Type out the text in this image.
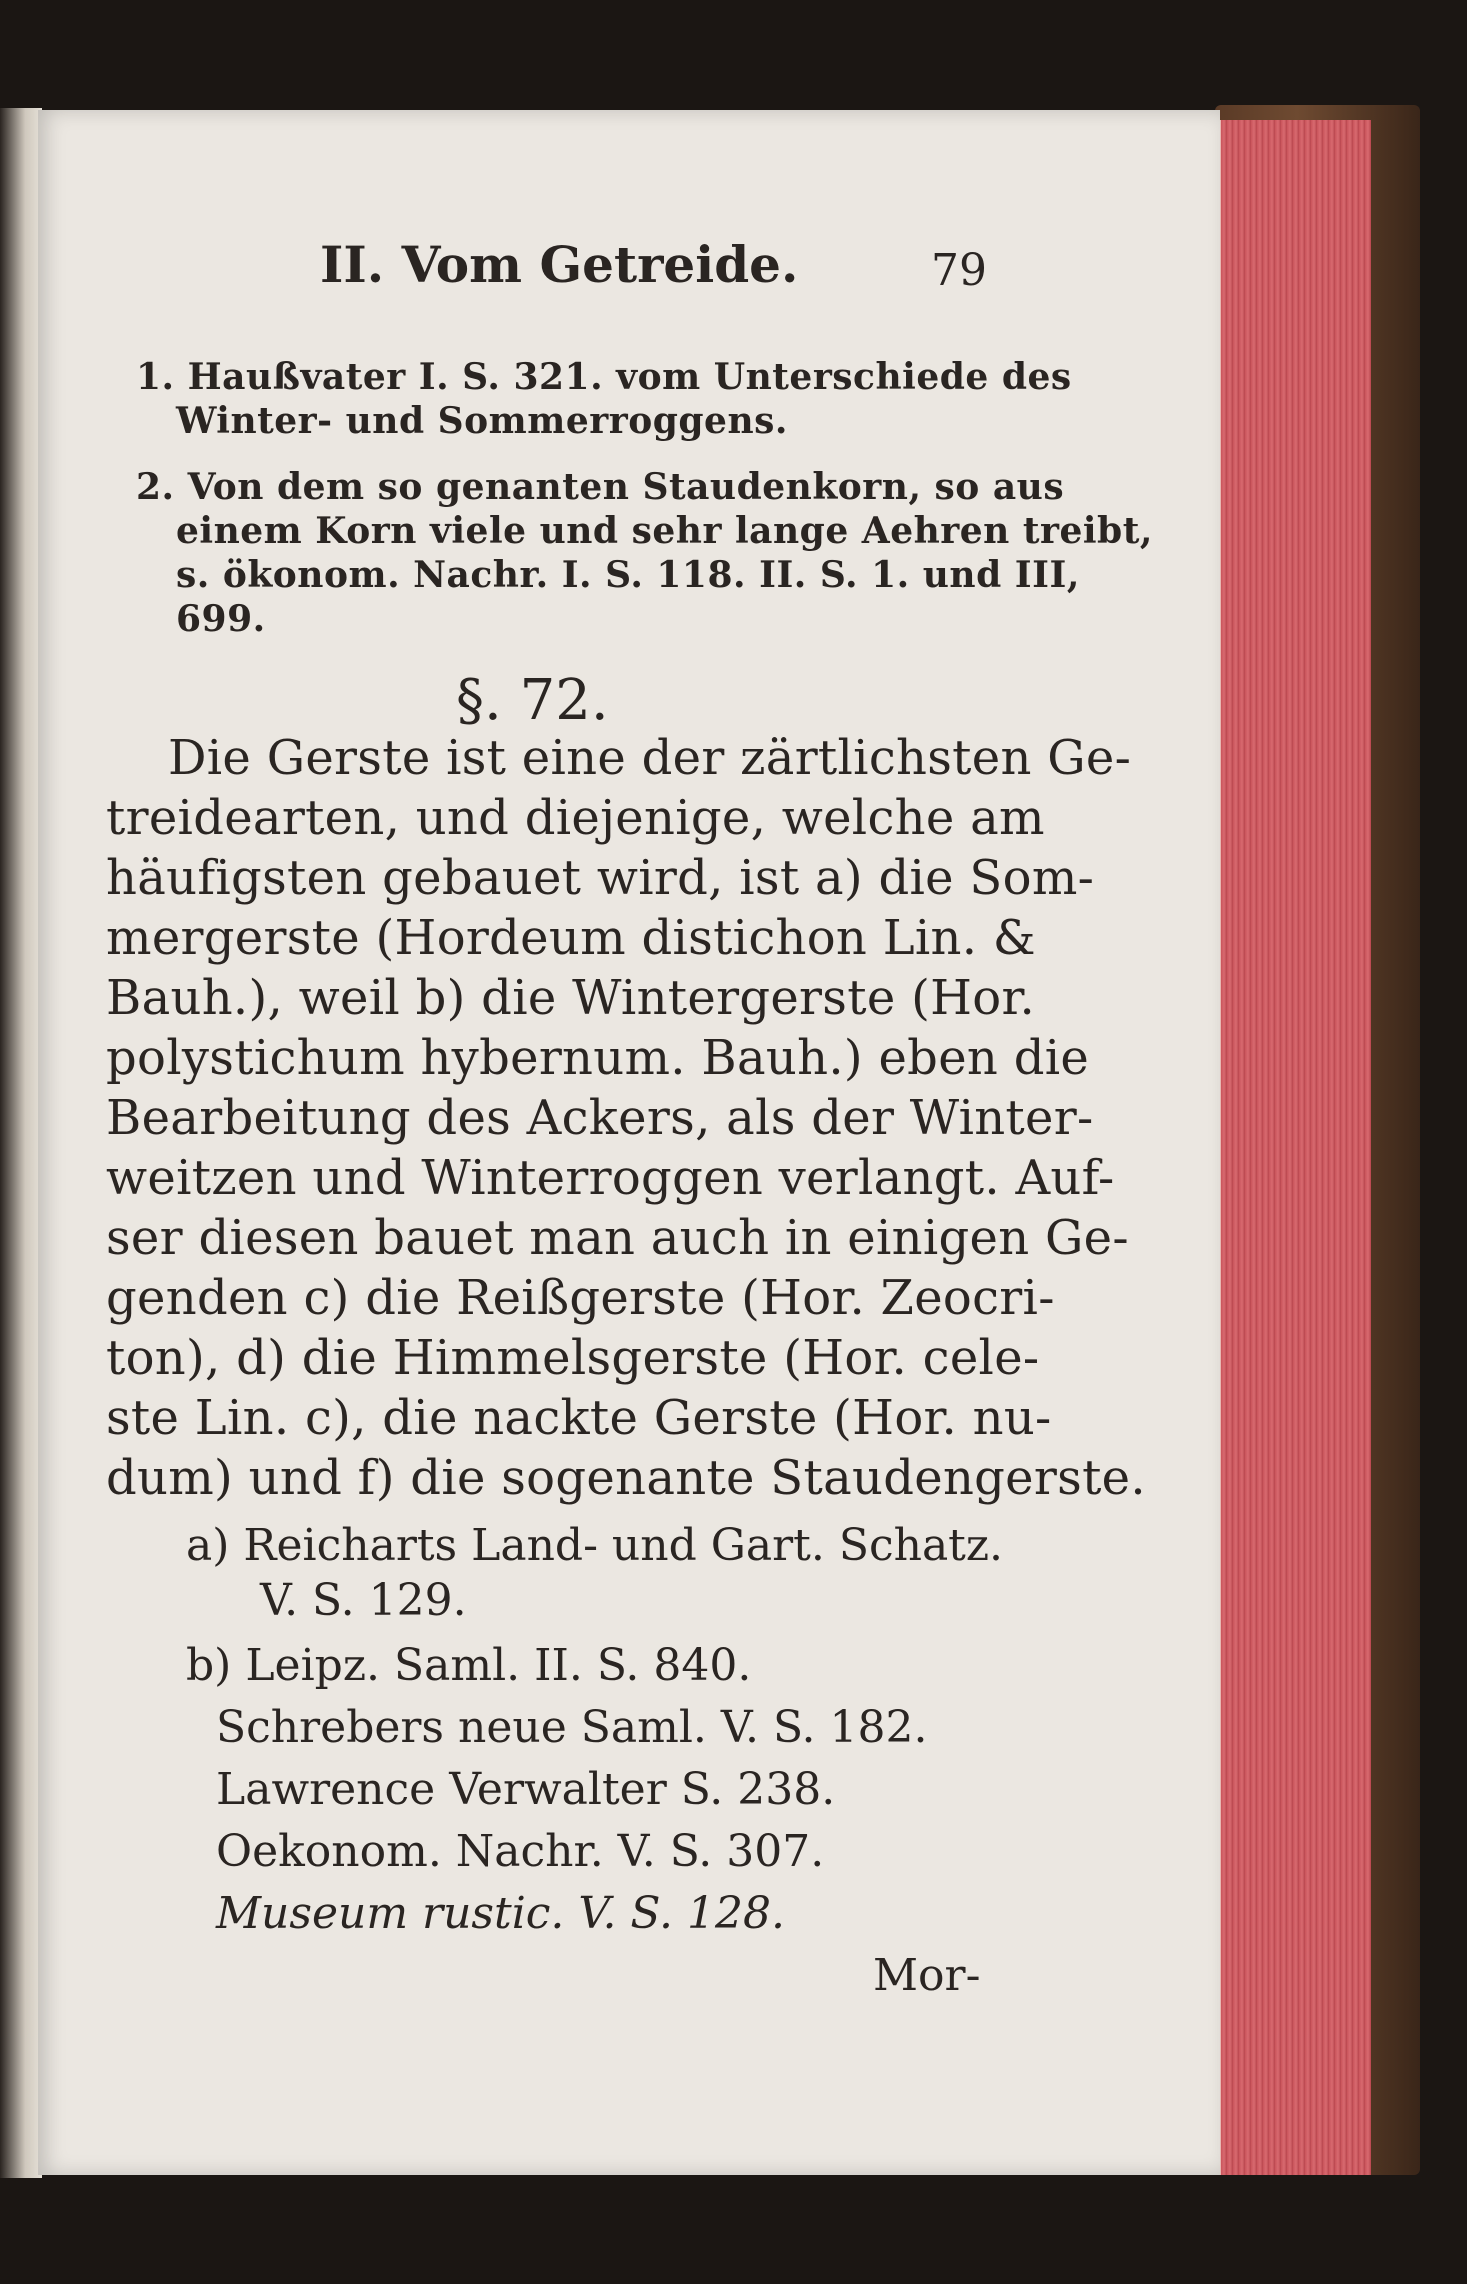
II. Vom Getreide.	79
1. Haußvater I. S. 321. vom Unterschiede des
Winter- und Sommerroggens.
2. Von dem so genanten Staudenkorn, so aus
einem Korn viele und sehr lange Aehren treibt,
s. ökonom. Nachr. I. S. 118. II. S. 1. und III,
699.
§. 72.
Die Gerste ist eine der zärtlichsten Ge-
treidearten, und diejenige, welche am
häufigsten gebauet wird, ist a) die Som-
mergerste (Hordeum distichon Lin. &
Bauh.), weil b) die Wintergerste (Hor.
polystichum hybernum. Bauh.) eben die
Bearbeitung des Ackers, als der Winter-
weitzen und Winterroggen verlangt. Auf-
ser diesen bauet man auch in einigen Ge-
genden c) die Reißgerste (Hor. Zeocri-
ton), d) die Himmelsgerste (Hor. cele-
ste Lin. c), die nackte Gerste (Hor. nu-
dum) und f) die sogenante Staudengerste.
a) Reicharts Land- und Gart. Schatz.
V. S. 129.
b) Leipz. Saml. II. S. 840.
Schrebers neue Saml. V. S. 182.
Lawrence Verwalter S. 238.
Oekonom. Nachr. V. S. 307.
Museum rustic. V. S. 128.
Mor-
